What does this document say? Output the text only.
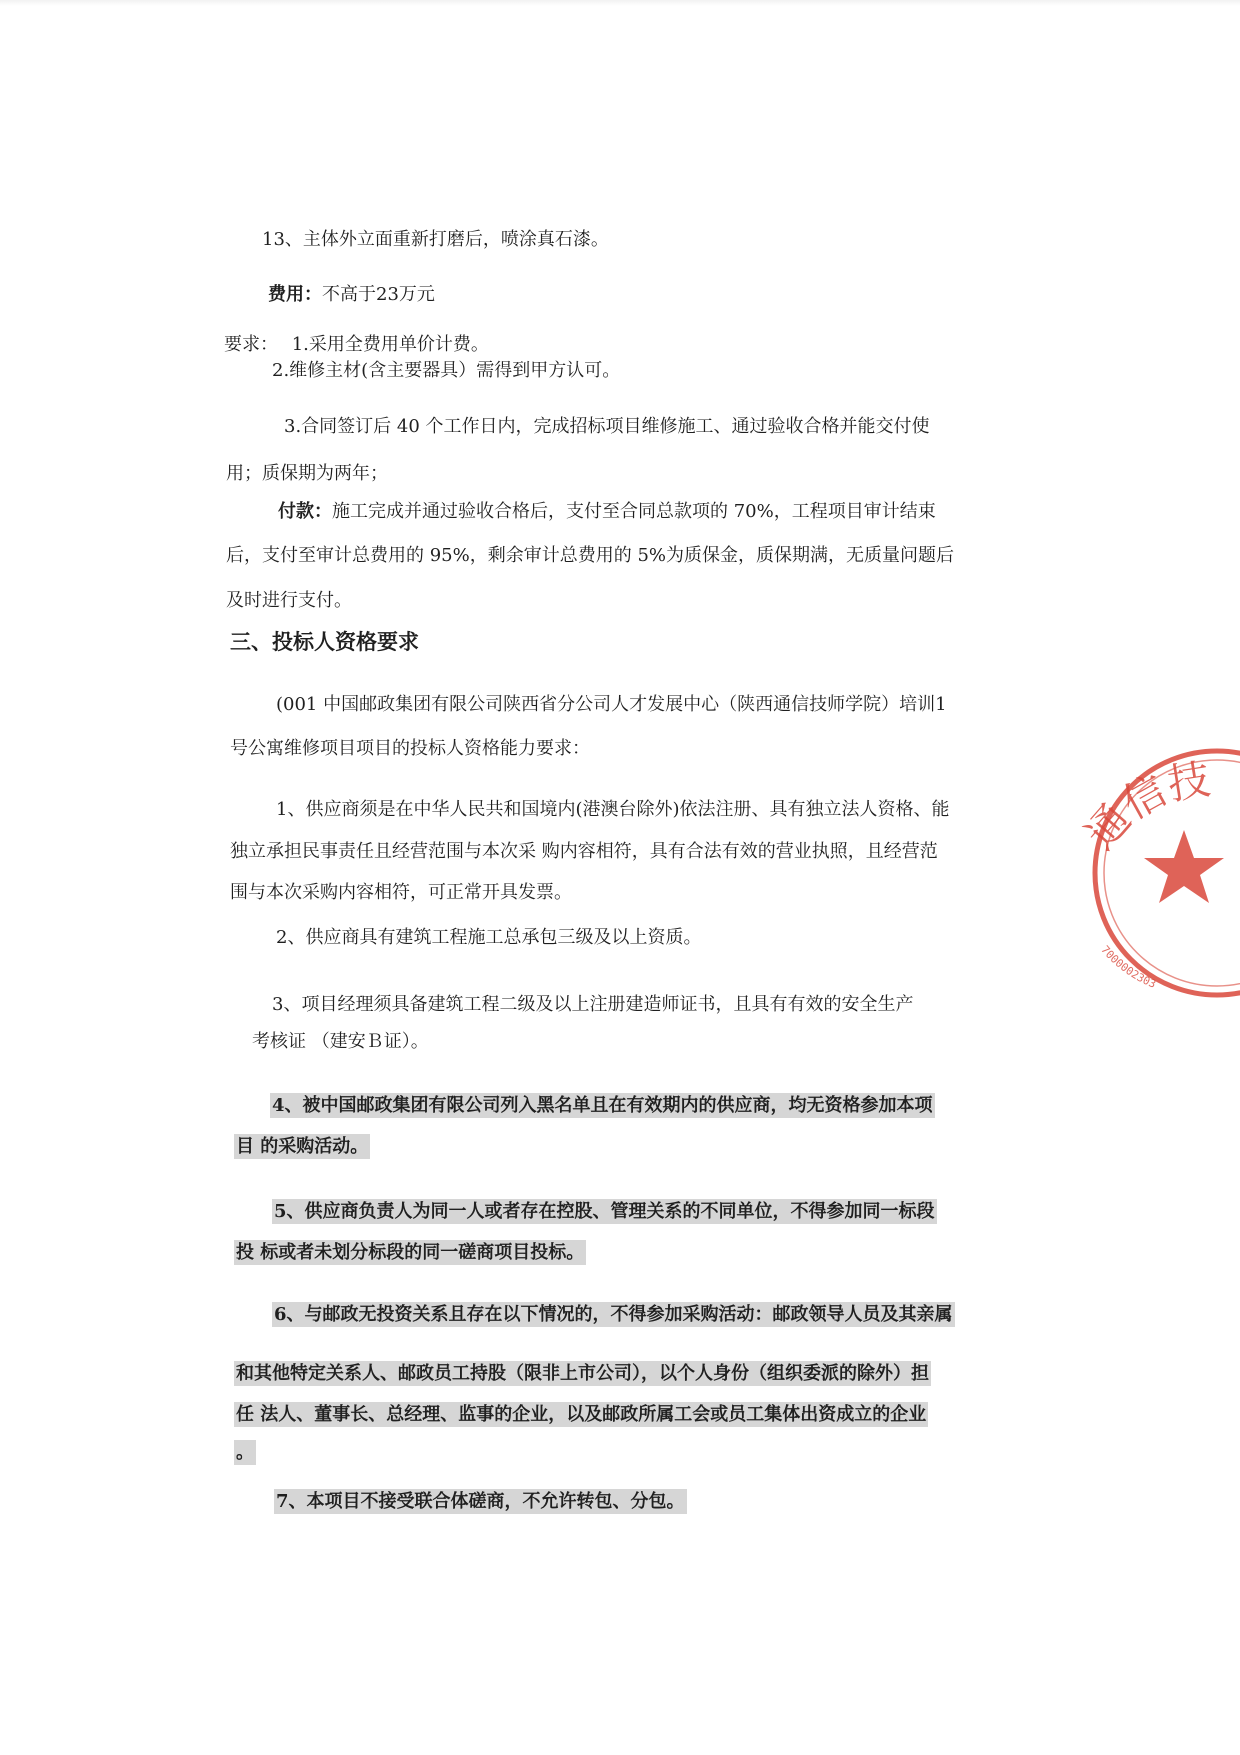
13、主体外立面重新打磨后，喷涂真石漆。
费用：不高于23万元
要求： 1.采用全费用单价计费。
2.维修主材(含主要器具）需得到甲方认可。
3.合同签订后 40 个工作日内，完成招标项目维修施工、通过验收合格并能交付使
用；质保期为两年；
付款：施工完成并通过验收合格后，支付至合同总款项的 70%，工程项目审计结束
后，支付至审计总费用的 95%，剩余审计总费用的 5%为质保金，质保期满，无质量问题后
及时进行支付。
三、投标人资格要求
(001 中国邮政集团有限公司陕西省分公司人才发展中心（陕西通信技师学院）培训1
号公寓维修项目项目的投标人资格能力要求：
1、供应商须是在中华人民共和国境内(港澳台除外)依法注册、具有独立法人资格、能
独立承担民事责任且经营范围与本次采 购内容相符，具有合法有效的营业执照，且经营范
围与本次采购内容相符，可正常开具发票。
2、供应商具有建筑工程施工总承包三级及以上资质。
3、项目经理须具备建筑工程二级及以上注册建造师证书，且具有有效的安全生产
考核证 （建安Ｂ证）。
4、被中国邮政集团有限公司列入黑名单且在有效期内的供应商，均无资格参加本项
目 的采购活动。
5、供应商负责人为同一人或者存在控股、管理关系的不同单位，不得参加同一标段
投 标或者未划分标段的同一磋商项目投标。
6、与邮政无投资关系且存在以下情况的，不得参加采购活动：邮政领导人员及其亲属
和其他特定关系人、邮政员工持股（限非上市公司），以个人身份（组织委派的除外）担
任 法人、董事长、总经理、监事的企业，以及邮政所属工会或员工集体出资成立的企业
。
7、本项目不接受联合体磋商，不允许转包、分包。
通信技
7000002303
